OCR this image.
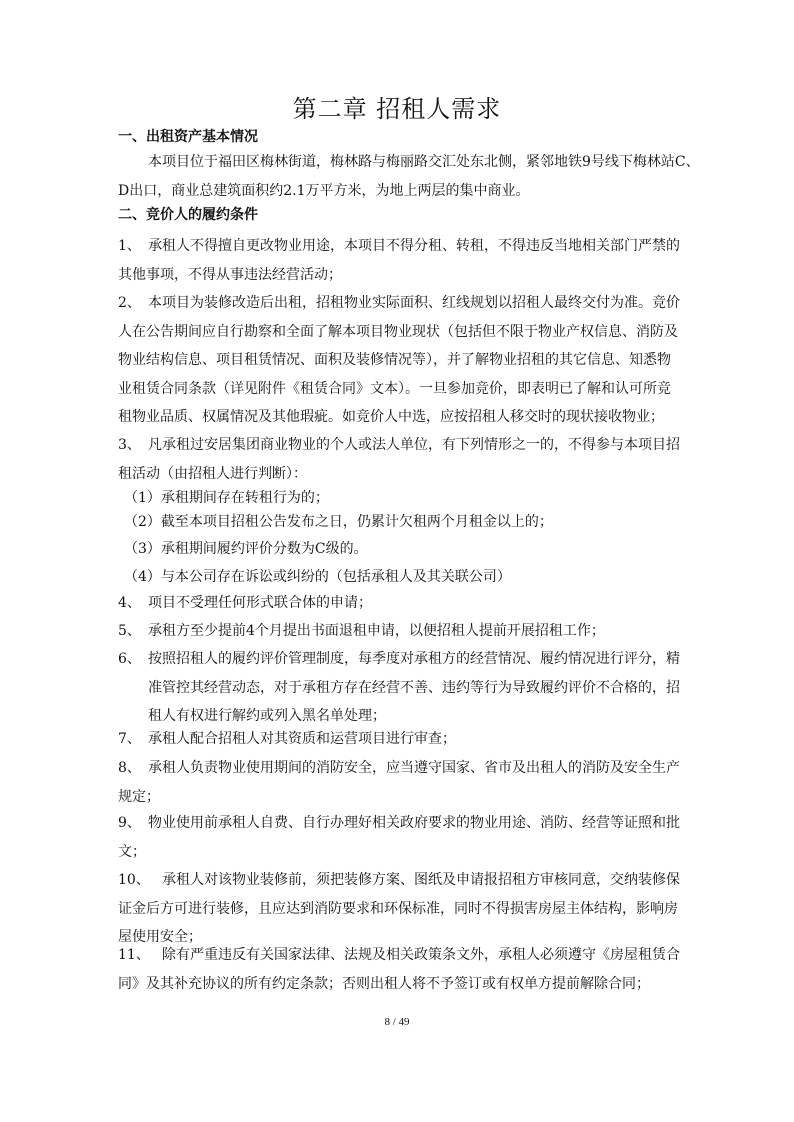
第二章 招租人需求
一、出租资产基本情况

本项目位于福田区梅林街道，梅林路与梅丽路交汇处东北侧，紧邻地铁9号线下梅林站C、
D出口，商业总建筑面积约2.1万平方米，为地上两层的集中商业。

二、竞价人的履约条件
1、 承租人不得擅自更改物业用途，本项目不得分租、转租，不得违反当地相关部门严禁的
其他事项，不得从事违法经营活动；
2、 本项目为装修改造后出租，招租物业实际面积、红线规划以招租人最终交付为准。竞价
人在公告期间应自行勘察和全面了解本项目物业现状（包括但不限于物业产权信息、消防及
物业结构信息、项目租赁情况、面积及装修情况等），并了解物业招租的其它信息、知悉物
业租赁合同条款（详见附件《租赁合同》文本）。一旦参加竞价，即表明已了解和认可所竞
租物业品质、权属情况及其他瑕疵。如竞价人中选，应按招租人移交时的现状接收物业；
3、 凡承租过安居集团商业物业的个人或法人单位，有下列情形之一的，不得参与本项目招
租活动（由招租人进行判断）：

（1）承租期间存在转租行为的；

（2）截至本项目招租公告发布之日，仍累计欠租两个月租金以上的；

（3）承租期间履约评价分数为C级的。

（4）与本公司存在诉讼或纠纷的（包括承租人及其关联公司）

4、 项目不受理任何形式联合体的申请；
5、 承租方至少提前4个月提出书面退租申请，以便招租人提前开展招租工作；
6、 按照招租人的履约评价管理制度，每季度对承租方的经营情况、履约情况进行评分，精
准管控其经营动态，对于承租方存在经营不善、违约等行为导致履约评价不合格的，招
租人有权进行解约或列入黑名单处理；
7、 承租人配合招租人对其资质和运营项目进行审查；
8、 承租人负责物业使用期间的消防安全，应当遵守国家、省市及出租人的消防及安全生产
规定；
9、 物业使用前承租人自费、自行办理好相关政府要求的物业用途、消防、经营等证照和批
文；
10、 承租人对该物业装修前，须把装修方案、图纸及申请报招租方审核同意，交纳装修保
证金后方可进行装修，且应达到消防要求和环保标准，同时不得损害房屋主体结构，影响房
屋使用安全；
11、 除有严重违反有关国家法律、法规及相关政策条文外，承租人必须遵守《房屋租赁合
同》及其补充协议的所有约定条款；否则出租人将不予签订或有权单方提前解除合同；
8 / 49
